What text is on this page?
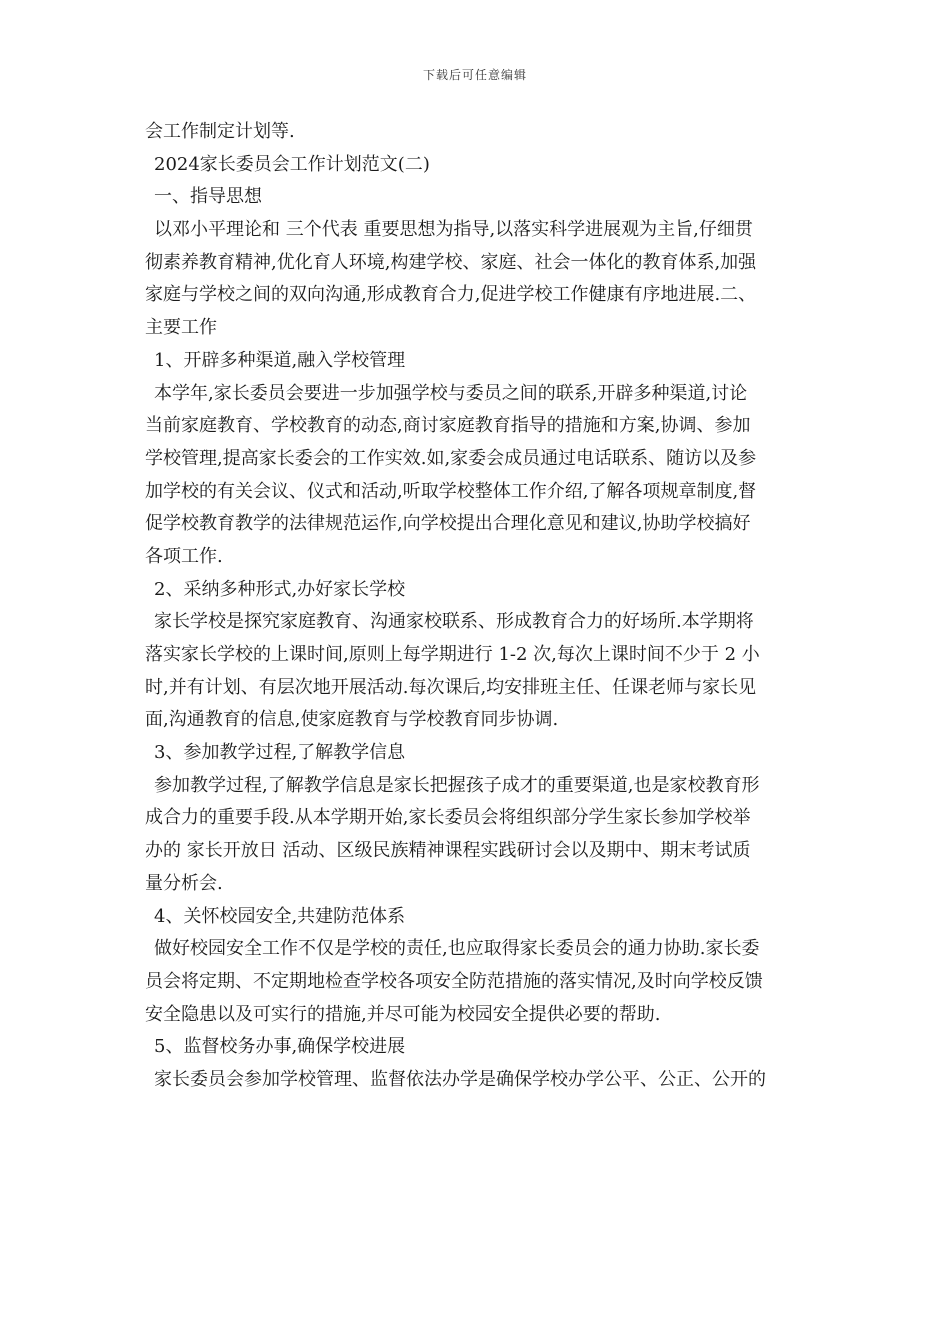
下载后可任意编辑
会工作制定计划等.
2024家长委员会工作计划范文(二)
一、指导思想
以邓小平理论和 三个代表 重要思想为指导,以落实科学进展观为主旨,仔细贯
彻素养教育精神,优化育人环境,构建学校、家庭、社会一体化的教育体系,加强
家庭与学校之间的双向沟通,形成教育合力,促进学校工作健康有序地进展.二、
主要工作
1、开辟多种渠道,融入学校管理
本学年,家长委员会要进一步加强学校与委员之间的联系,开辟多种渠道,讨论
当前家庭教育、学校教育的动态,商讨家庭教育指导的措施和方案,协调、参加
学校管理,提高家长委会的工作实效.如,家委会成员通过电话联系、随访以及参
加学校的有关会议、仪式和活动,听取学校整体工作介绍,了解各项规章制度,督
促学校教育教学的法律规范运作,向学校提出合理化意见和建议,协助学校搞好
各项工作.
2、采纳多种形式,办好家长学校
家长学校是探究家庭教育、沟通家校联系、形成教育合力的好场所.本学期将
落实家长学校的上课时间,原则上每学期进行 1-2 次,每次上课时间不少于 2 小
时,并有计划、有层次地开展活动.每次课后,均安排班主任、任课老师与家长见
面,沟通教育的信息,使家庭教育与学校教育同步协调.
3、参加教学过程,了解教学信息
参加教学过程,了解教学信息是家长把握孩子成才的重要渠道,也是家校教育形
成合力的重要手段.从本学期开始,家长委员会将组织部分学生家长参加学校举
办的 家长开放日 活动、区级民族精神课程实践研讨会以及期中、期末考试质
量分析会.
4、关怀校园安全,共建防范体系
做好校园安全工作不仅是学校的责任,也应取得家长委员会的通力协助.家长委
员会将定期、不定期地检查学校各项安全防范措施的落实情况,及时向学校反馈
安全隐患以及可实行的措施,并尽可能为校园安全提供必要的帮助.
5、监督校务办事,确保学校进展
家长委员会参加学校管理、监督依法办学是确保学校办学公平、公正、公开的
